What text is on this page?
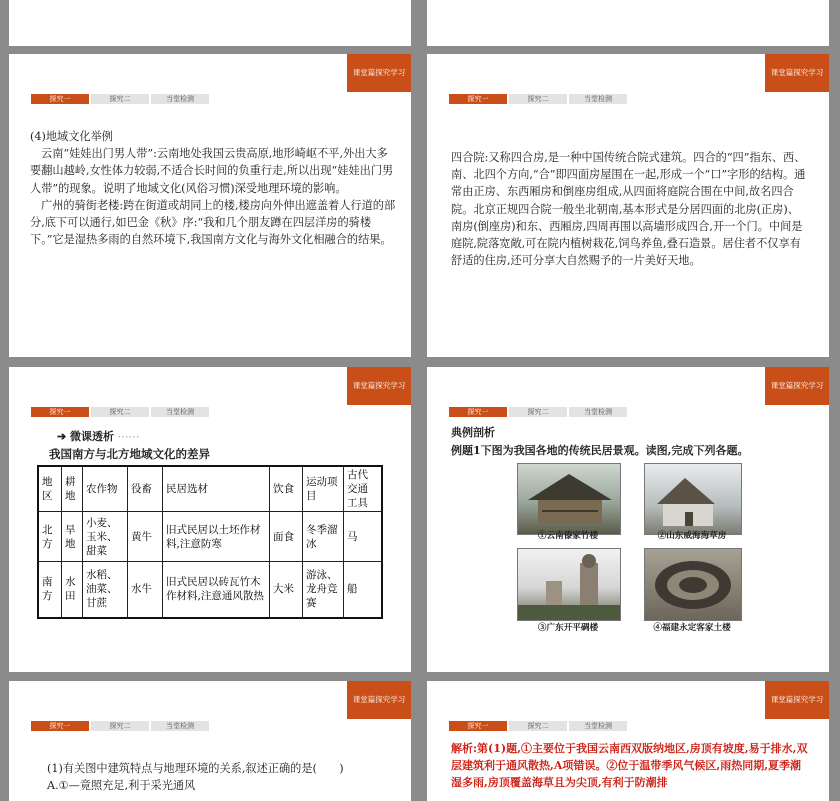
课堂篇探究学习
探究一	探究二	当堂检测
(4)地域文化举例
云南“娃娃出门男人带”:云南地处我国云贵高原,地形崎岖不平,外出大多要翻山越岭,女性体力较弱,不适合长时间的负重行走,所以出现“娃娃出门男人带”的现象。说明了地域文化(风俗习惯)深受地理环境的影响。
广州的骑街老楼:跨在街道或胡同上的楼,楼房向外伸出遮盖着人行道的部分,底下可以通行,如巴金《秋》序:“我和几个朋友蹲在四层洋房的骑楼下。”它是湿热多雨的自然环境下,我国南方文化与海外文化相融合的结果。
课堂篇探究学习
探究一	探究二	当堂检测
四合院:又称四合房,是一种中国传统合院式建筑。四合的“四”指东、西、南、北四个方向,“合”即四面房屋围在一起,形成一个“口”字形的结构。通常由正房、东西厢房和倒座房组成,从四面将庭院合围在中间,故名四合院。北京正规四合院一般坐北朝南,基本形式是分居四面的北房(正房)、南房(倒座房)和东、西厢房,四周再围以高墙形成四合,开一个门。中间是庭院,院落宽敞,可在院内植树栽花,饲鸟养鱼,叠石造景。居住者不仅享有舒适的住房,还可分享大自然赐予的一片美好天地。
课堂篇探究学习
探究一	探究二	当堂检测
➔ 微课透析 ⋯⋯
我国南方与北方地域文化的差异
地区	耕地	农作物	役畜	民居选材	饮食	运动项目	古代交通工具
北方	旱地	小麦、玉米、甜菜	黄牛	旧式民居以土坯作材料,注意防寒	面食	冬季溜冰	马
南方	水田	水稻、油菜、甘蔗	水牛	旧式民居以砖瓦竹木作材料,注意通风散热	大米	游泳、龙舟竞赛	船
课堂篇探究学习
探究一	探究二	当堂检测
典例剖析
例题1下图为我国各地的传统民居景观。读图,完成下列各题。
①云南傣家竹楼	②山东威海海草房
③广东开平碉楼	④福建永定客家土楼
课堂篇探究学习
探究一	探究二	当堂检测
(1)有关图中建筑特点与地理环境的关系,叙述正确的是(　　)
A.①—竟照充足,利于采光通风
课堂篇探究学习
探究一	探究二	当堂检测
解析:第(1)题,①主要位于我国云南西双版纳地区,房顶有坡度,易于排水,双层建筑利于通风散热,A项错误。②位于温带季风气候区,雨热同期,夏季潮湿多雨,房顶覆盖海草且为尖顶,有利于防潮排
